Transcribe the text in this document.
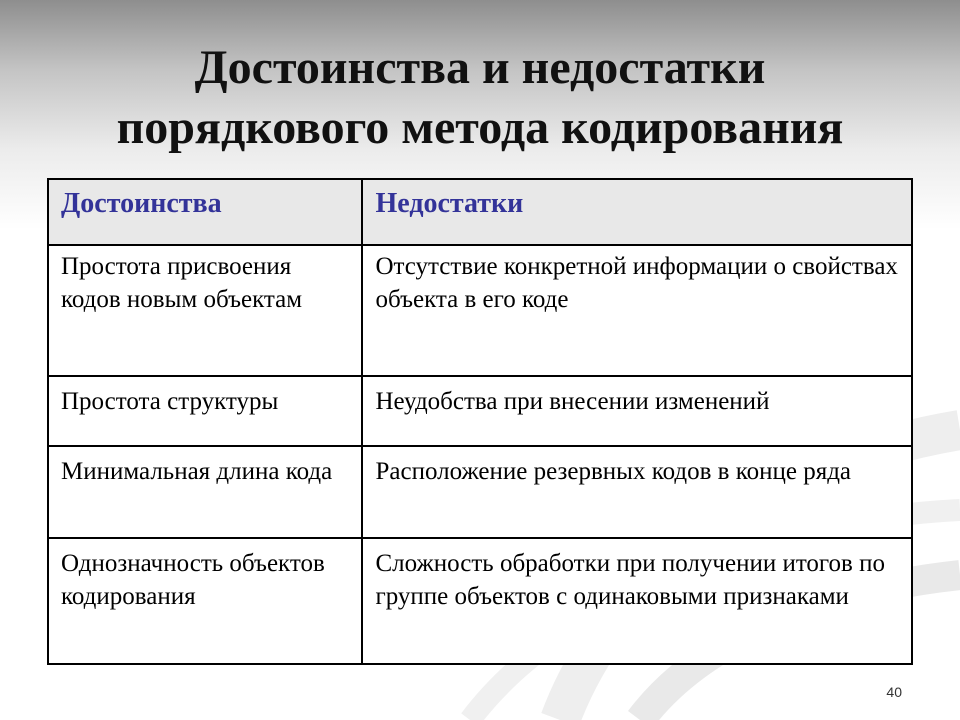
Достоинства и недостатки
порядкового метода кодирования
Достоинства	Недостатки
Простота присвоения кодов новым объектам	Отсутствие конкретной информации о свойствах объекта в его коде
Простота структуры	Неудобства при внесении изменений
Минимальная длина кода	Расположение резервных кодов в конце ряда
Однозначность объектов кодирования	Сложность обработки при получении итогов по группе объектов с одинаковыми признаками
40
